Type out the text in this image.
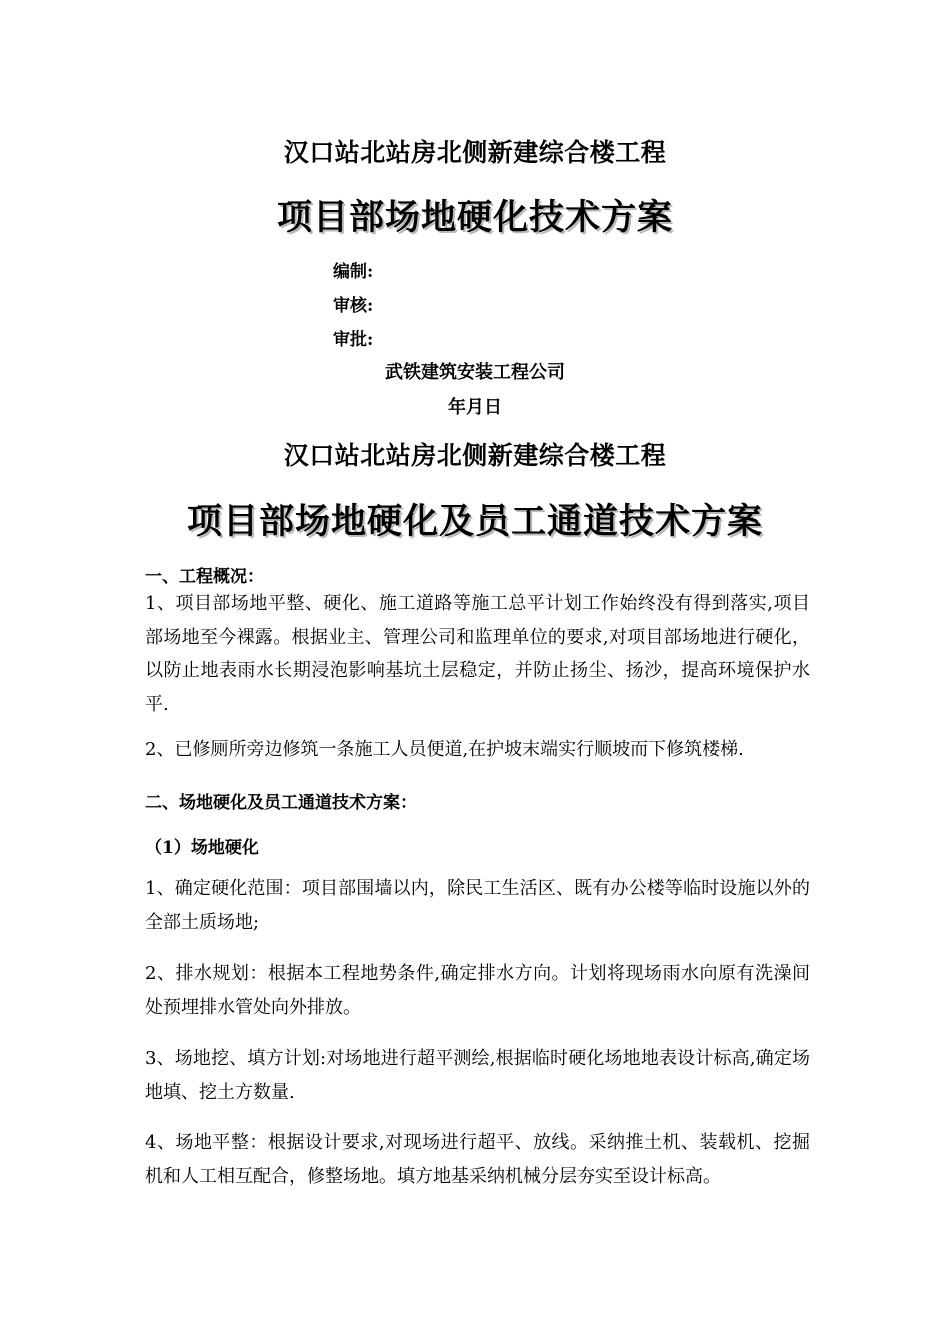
汉口站北站房北侧新建综合楼工程
项目部场地硬化技术方案
编制:
审核:
审批:
武铁建筑安装工程公司
年月日
汉口站北站房北侧新建综合楼工程
项目部场地硬化及员工通道技术方案
一、工程概况：
1、项目部场地平整、硬化、施工道路等施工总平计划工作始终没有得到落实,项目部场地至今裸露。根据业主、管理公司和监理单位的要求,对项目部场地进行硬化，以防止地表雨水长期浸泡影响基坑土层稳定，并防止扬尘、扬沙，提高环境保护水平.
2、已修厕所旁边修筑一条施工人员便道,在护坡末端实行顺坡而下修筑楼梯.
二、场地硬化及员工通道技术方案：
（1）场地硬化
1、确定硬化范围：项目部围墙以内，除民工生活区、既有办公楼等临时设施以外的全部土质场地;
2、排水规划：根据本工程地势条件,确定排水方向。计划将现场雨水向原有洗澡间处预埋排水管处向外排放。
3、场地挖、填方计划:对场地进行超平测绘,根据临时硬化场地地表设计标高,确定场地填、挖土方数量.
4、场地平整：根据设计要求,对现场进行超平、放线。采纳推土机、装载机、挖掘机和人工相互配合，修整场地。填方地基采纳机械分层夯实至设计标高。
